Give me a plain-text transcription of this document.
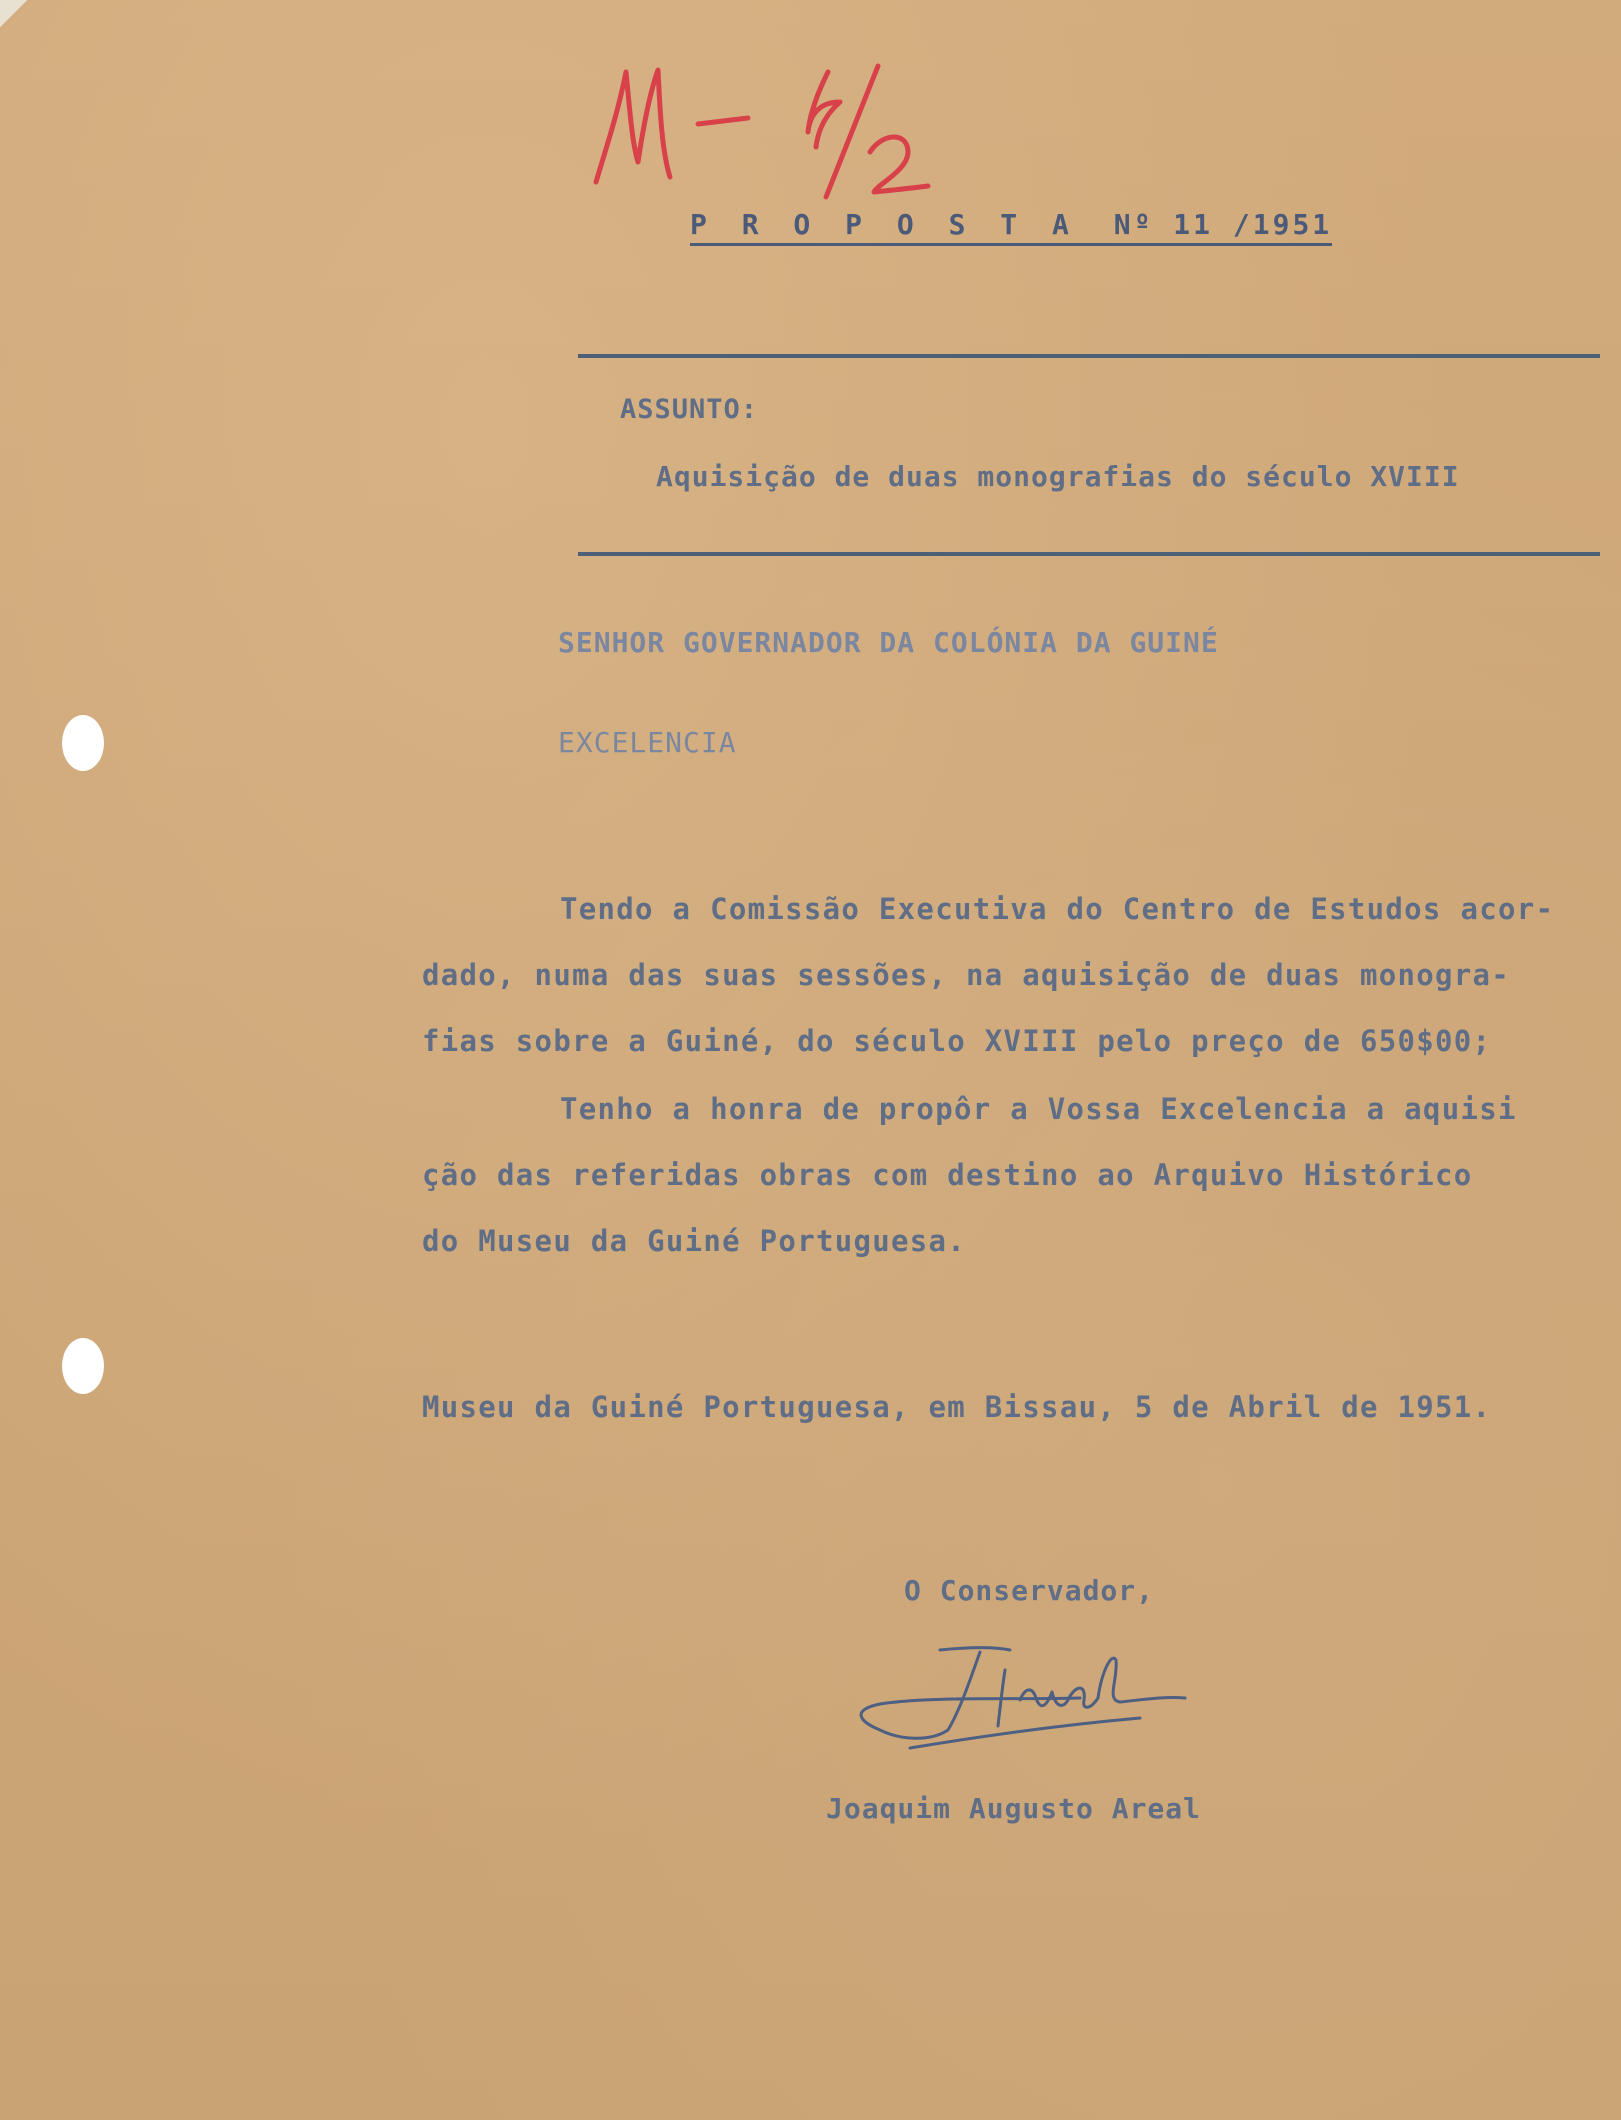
P R O P O S T A Nº 11 /1951
ASSUNTO:
Aquisição de duas monografias do século XVIII
SENHOR GOVERNADOR DA COLÓNIA DA GUINÉ
EXCELENCIA
Tendo a Comissão Executiva do Centro de Estudos acor-
dado, numa das suas sessões, na aquisição de duas monogra-
fias sobre a Guiné, do século XVIII pelo preço de 650$00;
Tenho a honra de propôr a Vossa Excelencia a aquisi
ção das referidas obras com destino ao Arquivo Histórico
do Museu da Guiné Portuguesa.
Museu da Guiné Portuguesa, em Bissau, 5 de Abril de 1951.
O Conservador,
Joaquim Augusto Areal
